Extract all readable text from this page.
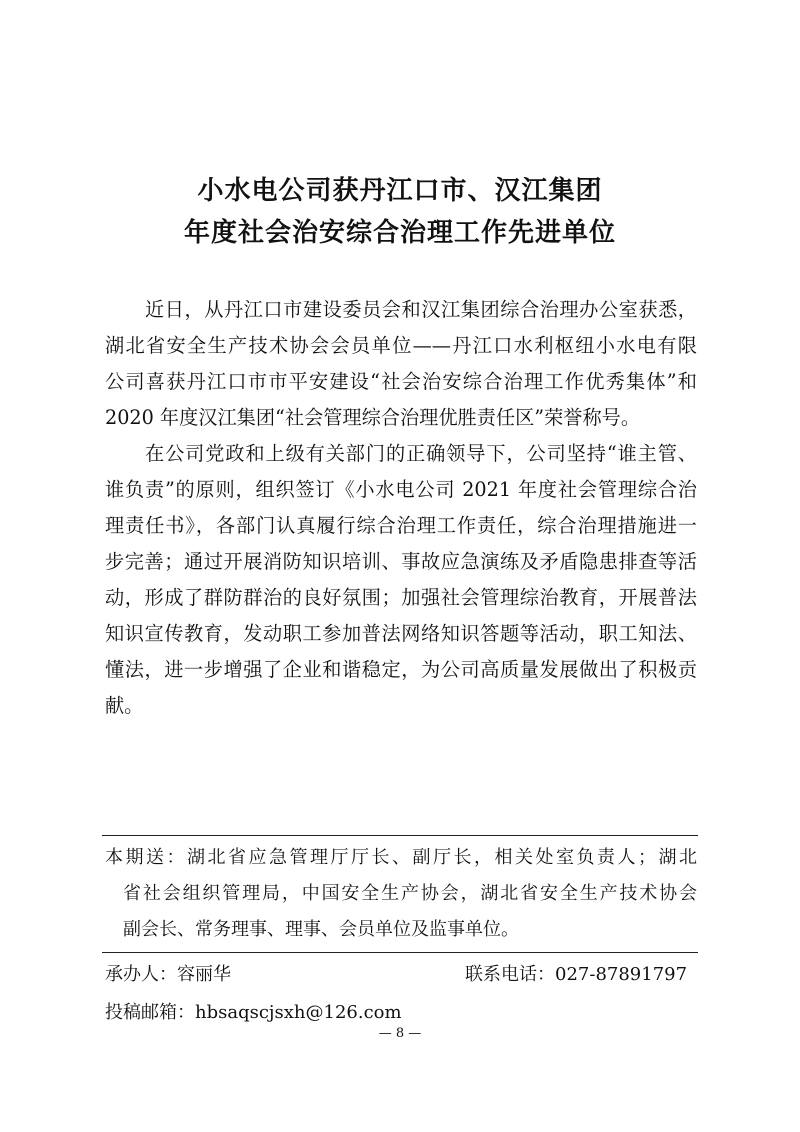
小水电公司获丹江口市、汉江集团
年度社会治安综合治理工作先进单位
近日，从丹江口市建设委员会和汉江集团综合治理办公室获悉，
湖北省安全生产技术协会会员单位——丹江口水利枢纽小水电有限
公司喜获丹江口市市平安建设“社会治安综合治理工作优秀集体”和
2020 年度汉江集团“社会管理综合治理优胜责任区”荣誉称号。
在公司党政和上级有关部门的正确领导下，公司坚持“谁主管、
谁负责”的原则，组织签订《小水电公司 2021 年度社会管理综合治
理责任书》，各部门认真履行综合治理工作责任，综合治理措施进一
步完善；通过开展消防知识培训、事故应急演练及矛盾隐患排查等活
动，形成了群防群治的良好氛围；加强社会管理综治教育，开展普法
知识宣传教育，发动职工参加普法网络知识答题等活动，职工知法、
懂法，进一步增强了企业和谐稳定，为公司高质量发展做出了积极贡
献。
本期送：湖北省应急管理厅厅长、副厅长，相关处室负责人；湖北
省社会组织管理局，中国安全生产协会，湖北省安全生产技术协会
副会长、常务理事、理事、会员单位及监事单位。
承办人：容丽华	联系电话：027-87891797
投稿邮箱：hbsaqscjsxh@126.com
— 8 —
